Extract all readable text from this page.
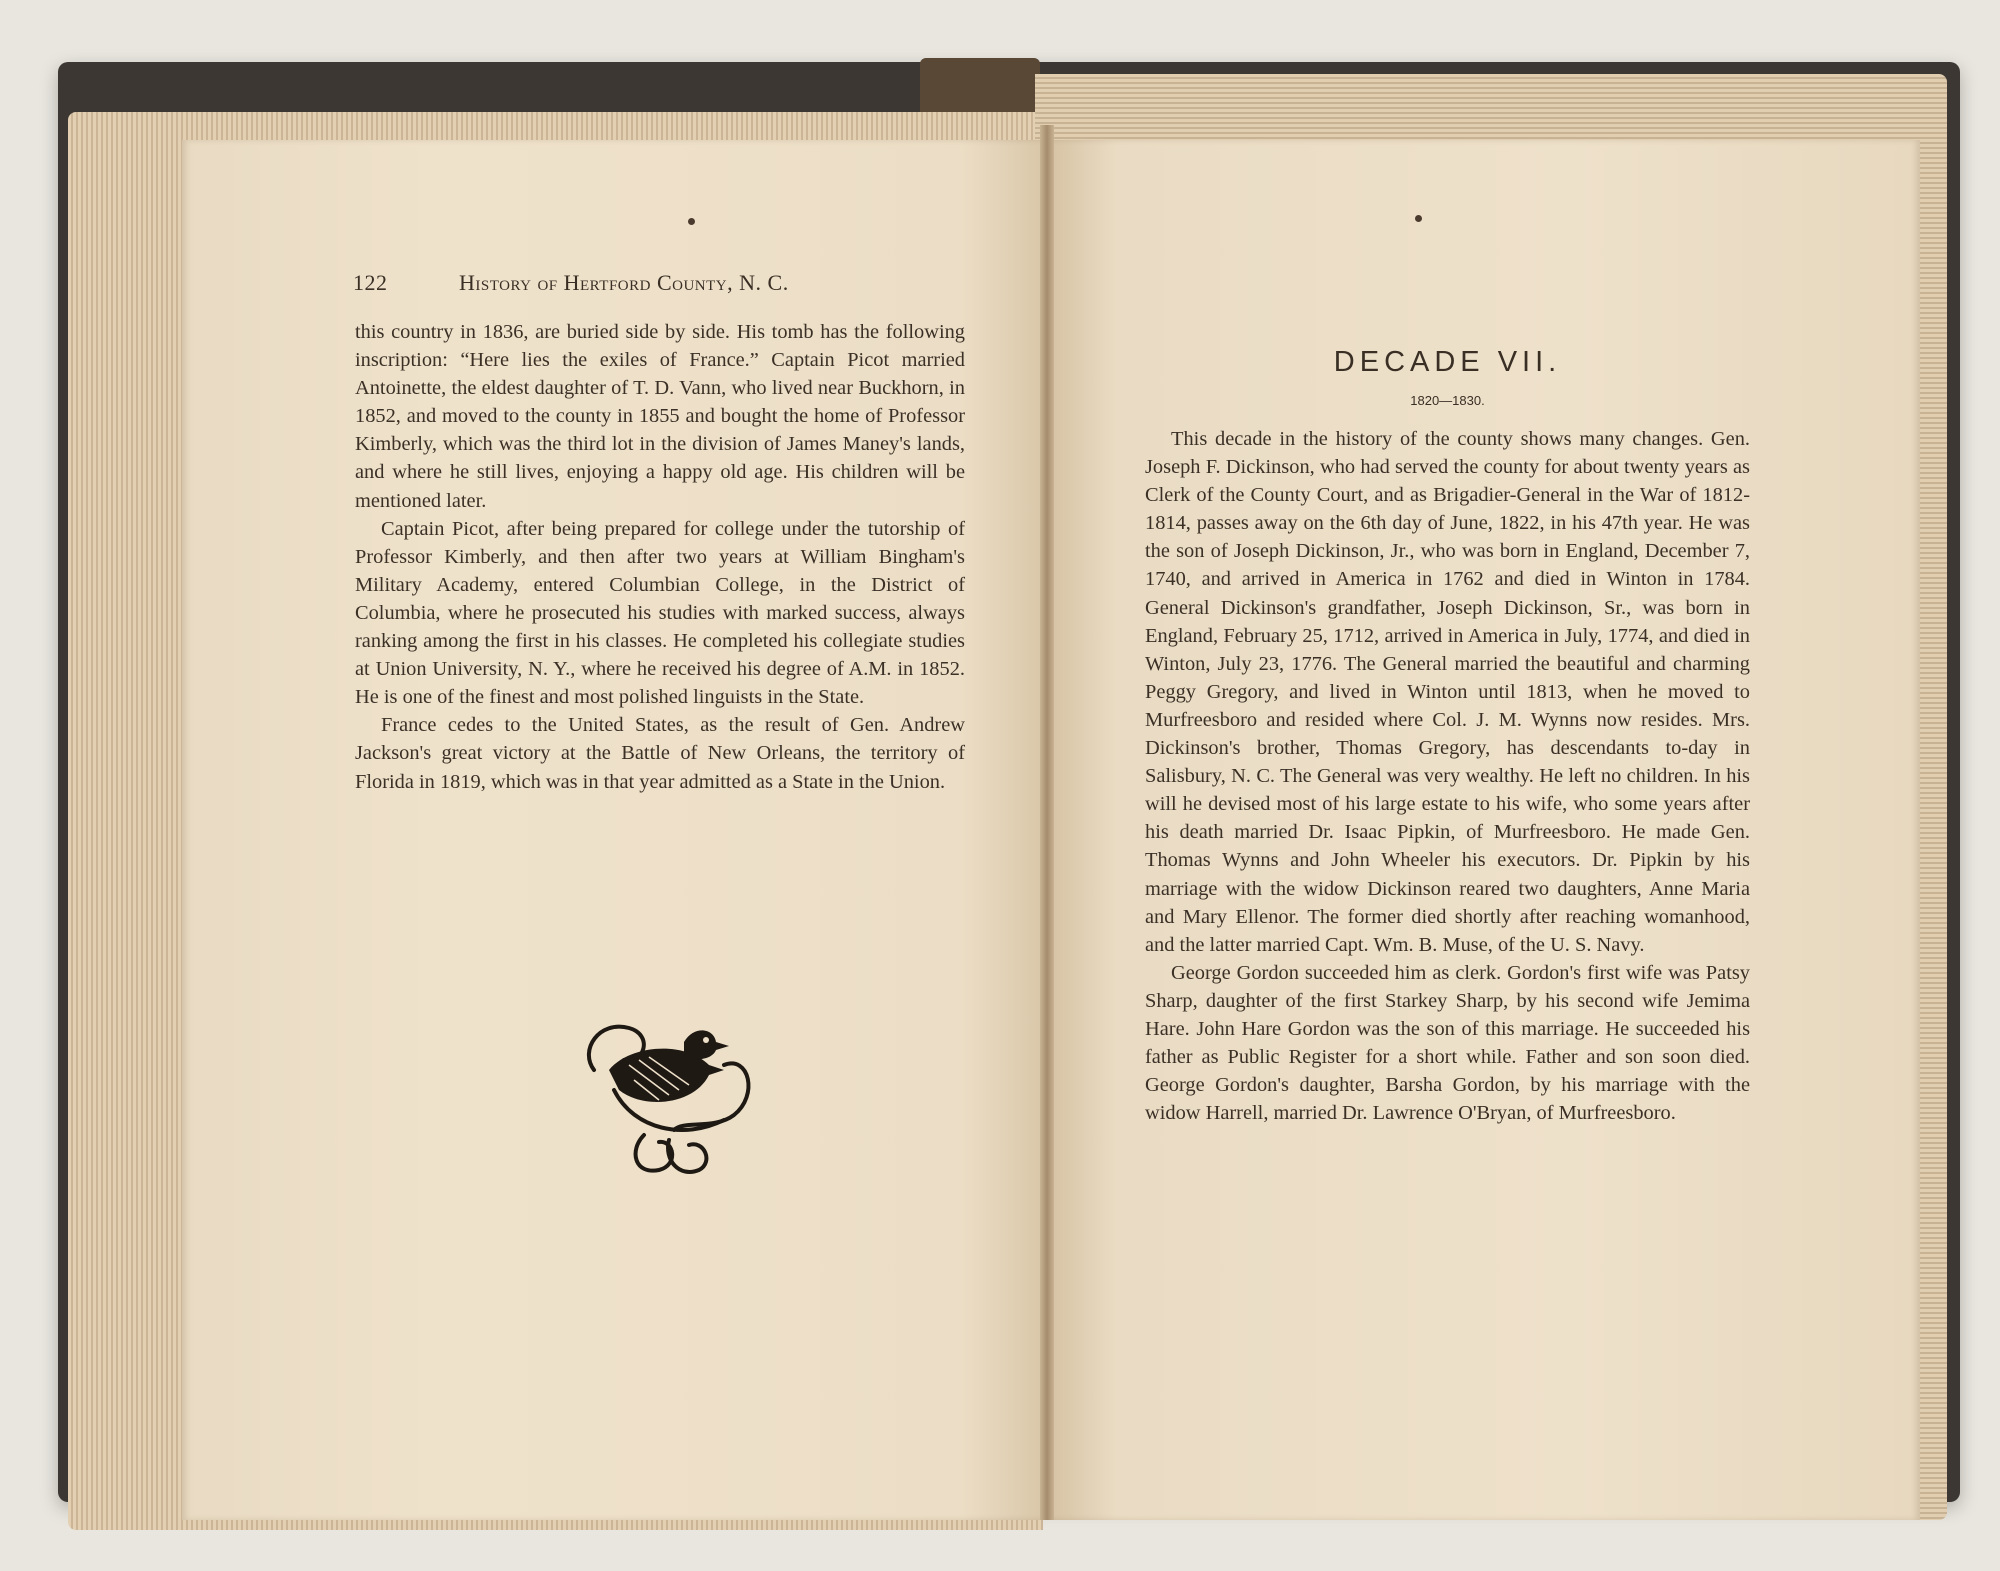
122	History of Hertford County, N. C.

this country in 1836, are buried side by side. His tomb has the following inscription: “Here lies the exiles of France.” Captain Picot married Antoinette, the eldest daughter of T. D. Vann, who lived near Buckhorn, in 1852, and moved to the county in 1855 and bought the home of Professor Kimberly, which was the third lot in the division of James Maney's lands, and where he still lives, enjoying a happy old age. His children will be mentioned later.

Captain Picot, after being prepared for college under the tutorship of Professor Kimberly, and then after two years at William Bingham's Military Academy, entered Columbian College, in the District of Columbia, where he prosecuted his studies with marked success, always ranking among the first in his classes. He completed his collegiate studies at Union University, N. Y., where he received his degree of A.M. in 1852. He is one of the finest and most polished linguists in the State.

France cedes to the United States, as the result of Gen. Andrew Jackson's great victory at the Battle of New Orleans, the territory of Florida in 1819, which was in that year admitted as a State in the Union.

DECADE VII.
1820—1830.

This decade in the history of the county shows many changes. Gen. Joseph F. Dickinson, who had served the county for about twenty years as Clerk of the County Court, and as Brigadier-General in the War of 1812-1814, passes away on the 6th day of June, 1822, in his 47th year. He was the son of Joseph Dickinson, Jr., who was born in England, December 7, 1740, and arrived in America in 1762 and died in Winton in 1784. General Dickinson's grandfather, Joseph Dickinson, Sr., was born in England, February 25, 1712, arrived in America in July, 1774, and died in Winton, July 23, 1776. The General married the beautiful and charming Peggy Gregory, and lived in Winton until 1813, when he moved to Murfreesboro and resided where Col. J. M. Wynns now resides. Mrs. Dickinson's brother, Thomas Gregory, has descendants to-day in Salisbury, N. C. The General was very wealthy. He left no children. In his will he devised most of his large estate to his wife, who some years after his death married Dr. Isaac Pipkin, of Murfreesboro. He made Gen. Thomas Wynns and John Wheeler his executors. Dr. Pipkin by his marriage with the widow Dickinson reared two daughters, Anne Maria and Mary Ellenor. The former died shortly after reaching womanhood, and the latter married Capt. Wm. B. Muse, of the U. S. Navy.

George Gordon succeeded him as clerk. Gordon's first wife was Patsy Sharp, daughter of the first Starkey Sharp, by his second wife Jemima Hare. John Hare Gordon was the son of this marriage. He succeeded his father as Public Register for a short while. Father and son soon died. George Gordon's daughter, Barsha Gordon, by his marriage with the widow Harrell, married Dr. Lawrence O'Bryan, of Murfreesboro.
